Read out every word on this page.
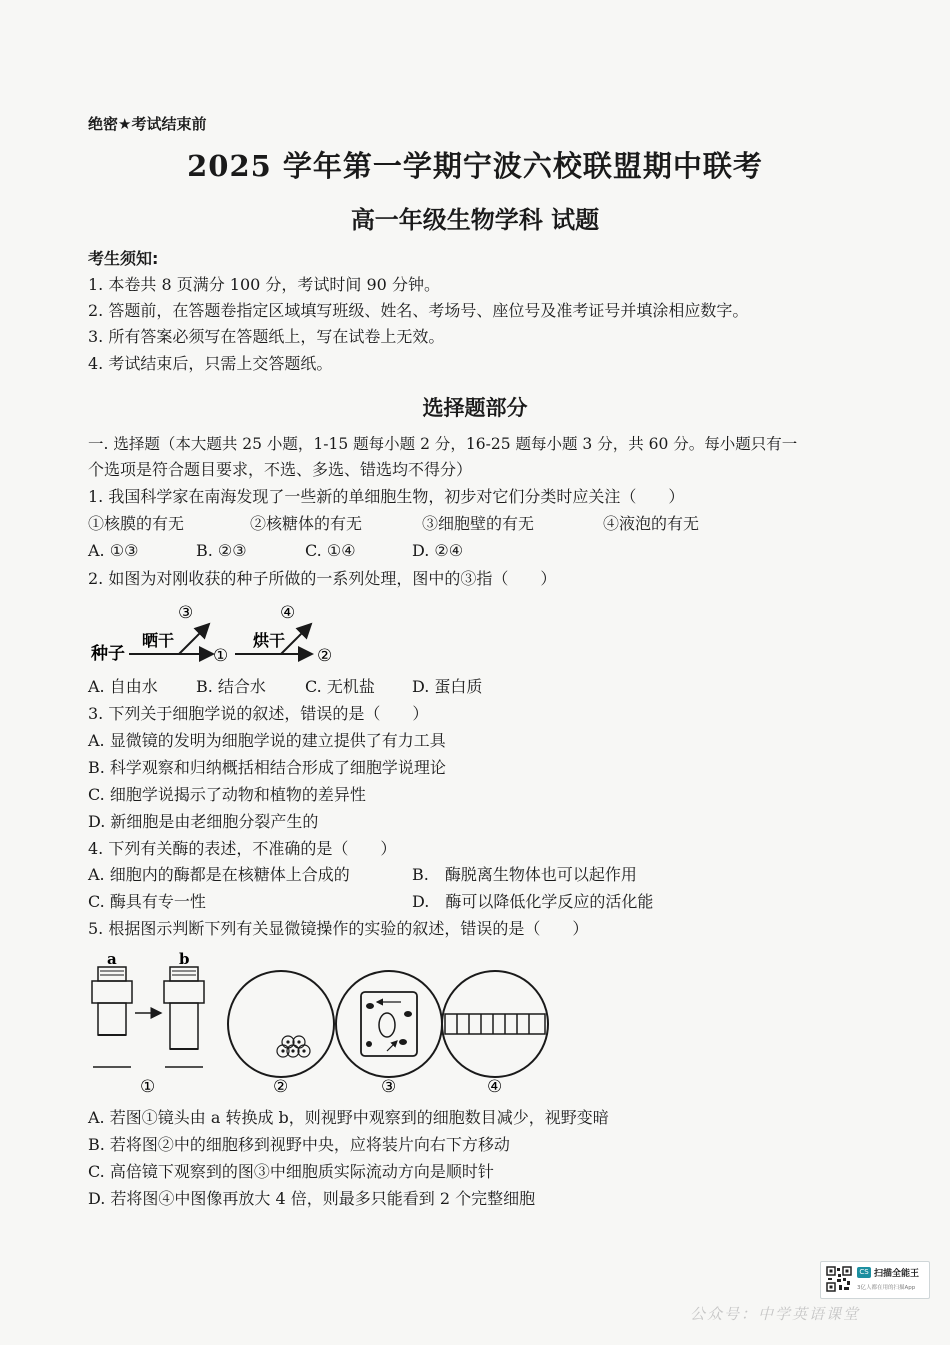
绝密★考试结束前
2025 学年第一学期宁波六校联盟期中联考
高一年级生物学科 试题
考生须知:
1. 本卷共 8 页满分 100 分，考试时间 90 分钟。
2. 答题前，在答题卷指定区域填写班级、姓名、考场号、座位号及准考证号并填涂相应数字。
3. 所有答案必须写在答题纸上，写在试卷上无效。
4. 考试结束后，只需上交答题纸。
选择题部分
一. 选择题（本大题共 25 小题，1-15 题每小题 2 分，16-25 题每小题 3 分，共 60 分。每小题只有一
个选项是符合题目要求，不选、多选、错选均不得分）
1. 我国科学家在南海发现了一些新的单细胞生物，初步对它们分类时应关注（　　）
①核膜的有无	②核糖体的有无	③细胞壁的有无	④液泡的有无
A. ①③	B. ②③	C. ①④	D. ②④
2. 如图为对刚收获的种子所做的一系列处理，图中的③指（　　）
种子
晒干
③
①
烘干
④
②
A. 自由水 B. 结合水 C. 无机盐 D. 蛋白质
3. 下列关于细胞学说的叙述，错误的是（　　）
A. 显微镜的发明为细胞学说的建立提供了有力工具
B. 科学观察和归纳概括相结合形成了细胞学说理论
C. 细胞学说揭示了动物和植物的差异性
D. 新细胞是由老细胞分裂产生的
4. 下列有关酶的表述，不准确的是（　　）
A. 细胞内的酶都是在核糖体上合成的	B.　酶脱离生物体也可以起作用
C. 酶具有专一性	D.　酶可以降低化学反应的活化能
5. 根据图示判断下列有关显微镜操作的实验的叙述，错误的是（　　）
a	b
①	②	③	④
A. 若图①镜头由 a 转换成 b，则视野中观察到的细胞数目减少，视野变暗
B. 若将图②中的细胞移到视野中央，应将装片向右下方移动
C. 高倍镜下观察到的图③中细胞质实际流动方向是顺时针
D. 若将图④中图像再放大 4 倍，则最多只能看到 2 个完整细胞
CS 扫描全能王
3亿人都在用的扫描App
公众号：中学英语课堂
